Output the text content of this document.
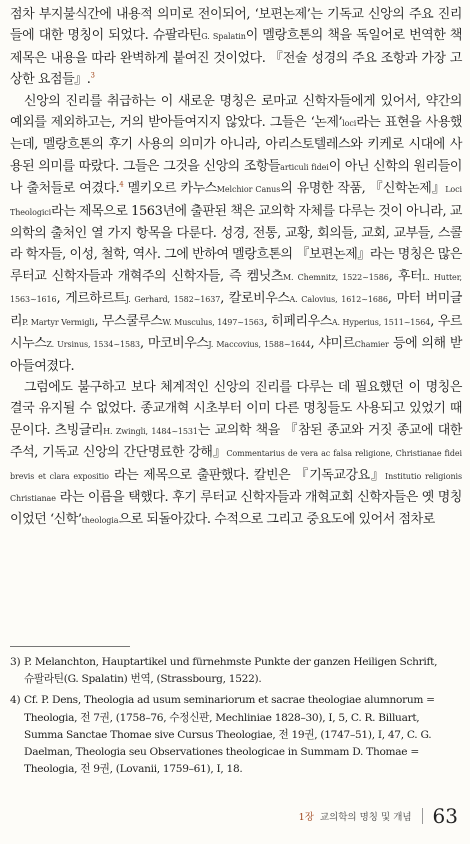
점차 부지불식간에 내용적 의미로 전이되어, ‘보편논제’는 기독교 신앙의 주요 진리들에 대한 명칭이 되었다. 슈팔라틴G. Spalatin이 멜랑흐톤의 책을 독일어로 번역한 책 제목은 내용을 따라 완벽하게 붙여진 것이었다. 『전술 성경의 주요 조항과 가장 고상한 요점들』.$^3$

신앙의 진리를 취급하는 이 새로운 명칭은 로마교 신학자들에게 있어서, 약간의 예외를 제외하고는, 거의 받아들여지지 않았다. 그들은 ‘논제’loci라는 표현을 사용했는데, 멜랑흐톤의 후기 사용의 의미가 아니라, 아리스토텔레스와 키케로 시대에 사용된 의미를 따랐다. 그들은 그것을 신앙의 조항들articuli fidei이 아닌 신학의 원리들이나 출처들로 여겼다.$^4$ 멜키오르 카누스Melchior Canus의 유명한 작품, 『신학논제』Loci Theologici라는 제목으로 1563년에 출판된 책은 교의학 자체를 다루는 것이 아니라, 교의학의 출처인 열 가지 항목을 다룬다. 성경, 전통, 교황, 회의들, 교회, 교부들, 스콜라 학자들, 이성, 철학, 역사. 그에 반하여 멜랑흐톤의 『보편논제』라는 명칭은 많은 루터교 신학자들과 개혁주의 신학자들, 즉 켐닛츠M. Chemnitz, 1522~1586, 후터L. Hutter, 1563~1616, 게르하르트J. Gerhard, 1582~1637, 칼로비우스A. Calovius, 1612~1686, 마터 버미글리P. Martyr Vermigli, 무스쿨루스W. Musculus, 1497~1563, 히페리우스A. Hyperius, 1511~1564, 우르시누스Z. Ursinus, 1534~1583, 마코비우스J. Maccovius, 1588~1644, 샤미르Chamier 등에 의해 받아들여졌다.

그럼에도 불구하고 보다 체계적인 신앙의 진리를 다루는 데 필요했던 이 명칭은 결국 유지될 수 없었다. 종교개혁 시초부터 이미 다른 명칭들도 사용되고 있었기 때문이다. 츠빙글리H. Zwingli, 1484~1531는 교의학 책을 『참된 종교와 거짓 종교에 대한 주석, 기독교 신앙의 간단명료한 강해』Commentarius de vera ac falsa religione, Christianae fidei brevis et clara expositio 라는 제목으로 출판했다. 칼빈은 『기독교강요』Institutio religionis Christianae 라는 이름을 택했다. 후기 루터교 신학자들과 개혁교회 신학자들은 옛 명칭이었던 ‘신학’theologia으로 되돌아갔다. 수적으로 그리고 중요도에 있어서 점차로

3) P. Melanchton, Hauptartikel und fürnehmste Punkte der ganzen Heiligen Schrift, 슈팔라틴(G. Spalatin) 번역, (Strassbourg, 1522).

4) Cf. P. Dens, Theologia ad usum seminariorum et sacrae theologiae alumnorum = Theologia, 전 7권, (1758–76, 수정신판, Mechliniae 1828–30), I, 5, C. R. Billuart, Summa Sanctae Thomae sive Cursus Theologiae, 전 19권, (1747–51), I, 47, C. G. Daelman, Theologia seu Observationes theologicae in Summam D. Thomae = Theologia, 전 9권, (Lovanii, 1759–61), I, 18.

1장 교의학의 명칭 및 개념 63
